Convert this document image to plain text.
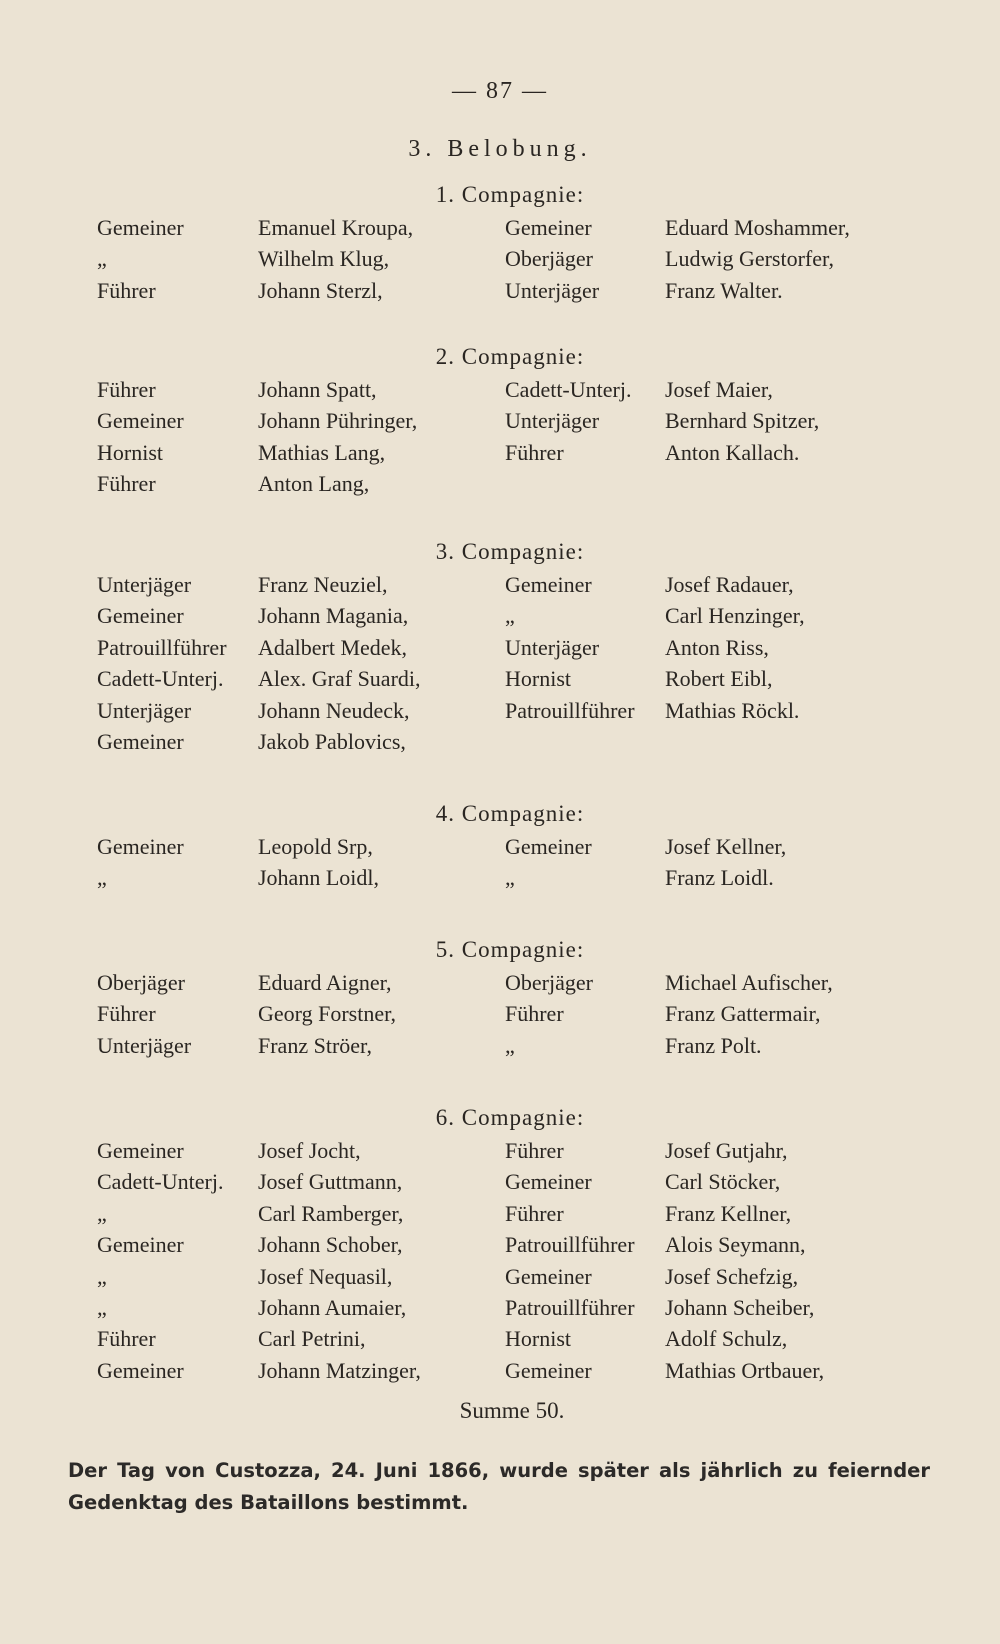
— 87 —
3. Belobung.
1. Compagnie:
Gemeiner	Emanuel Kroupa,	Gemeiner	Eduard Moshammer,
„	Wilhelm Klug,	Oberjäger	Ludwig Gerstorfer,
Führer	Johann Sterzl,	Unterjäger	Franz Walter.
2. Compagnie:
Führer	Johann Spatt,	Cadett-Unterj. Josef Maier,
Gemeiner	Johann Pühringer,	Unterjäger	Bernhard Spitzer,
Hornist	Mathias Lang,	Führer	Anton Kallach.
Führer	Anton Lang,
3. Compagnie:
Unterjäger	Franz Neuziel,	Gemeiner	Josef Radauer,
Gemeiner	Johann Magania,	„	Carl Henzinger,
Patrouillführer Adalbert Medek,	Unterjäger	Anton Riss,
Cadett-Unterj. Alex. Graf Suardi,	Hornist	Robert Eibl,
Unterjäger	Johann Neudeck,	Patrouillführer Mathias Röckl.
Gemeiner	Jakob Pablovics,
4. Compagnie:
Gemeiner	Leopold Srp,	Gemeiner	Josef Kellner,
„	Johann Loidl,	„	Franz Loidl.
5. Compagnie:
Oberjäger	Eduard Aigner,	Oberjäger	Michael Aufischer,
Führer	Georg Forstner,	Führer	Franz Gattermair,
Unterjäger	Franz Ströer,	„	Franz Polt.
6. Compagnie:
Gemeiner	Josef Jocht,	Führer	Josef Gutjahr,
Cadett-Unterj. Josef Guttmann,	Gemeiner	Carl Stöcker,
„	Carl Ramberger,	Führer	Franz Kellner,
Gemeiner	Johann Schober,	Patrouillführer Alois Seymann,
„	Josef Nequasil,	Gemeiner	Josef Schefzig,
„	Johann Aumaier,	Patrouillführer Johann Scheiber,
Führer	Carl Petrini,	Hornist	Adolf Schulz,
Gemeiner	Johann Matzinger,	Gemeiner	Mathias Ortbauer,
Summe 50.
Der Tag von Custozza, 24. Juni 1866, wurde später als jährlich zu feiernder Gedenktag des Bataillons bestimmt.
